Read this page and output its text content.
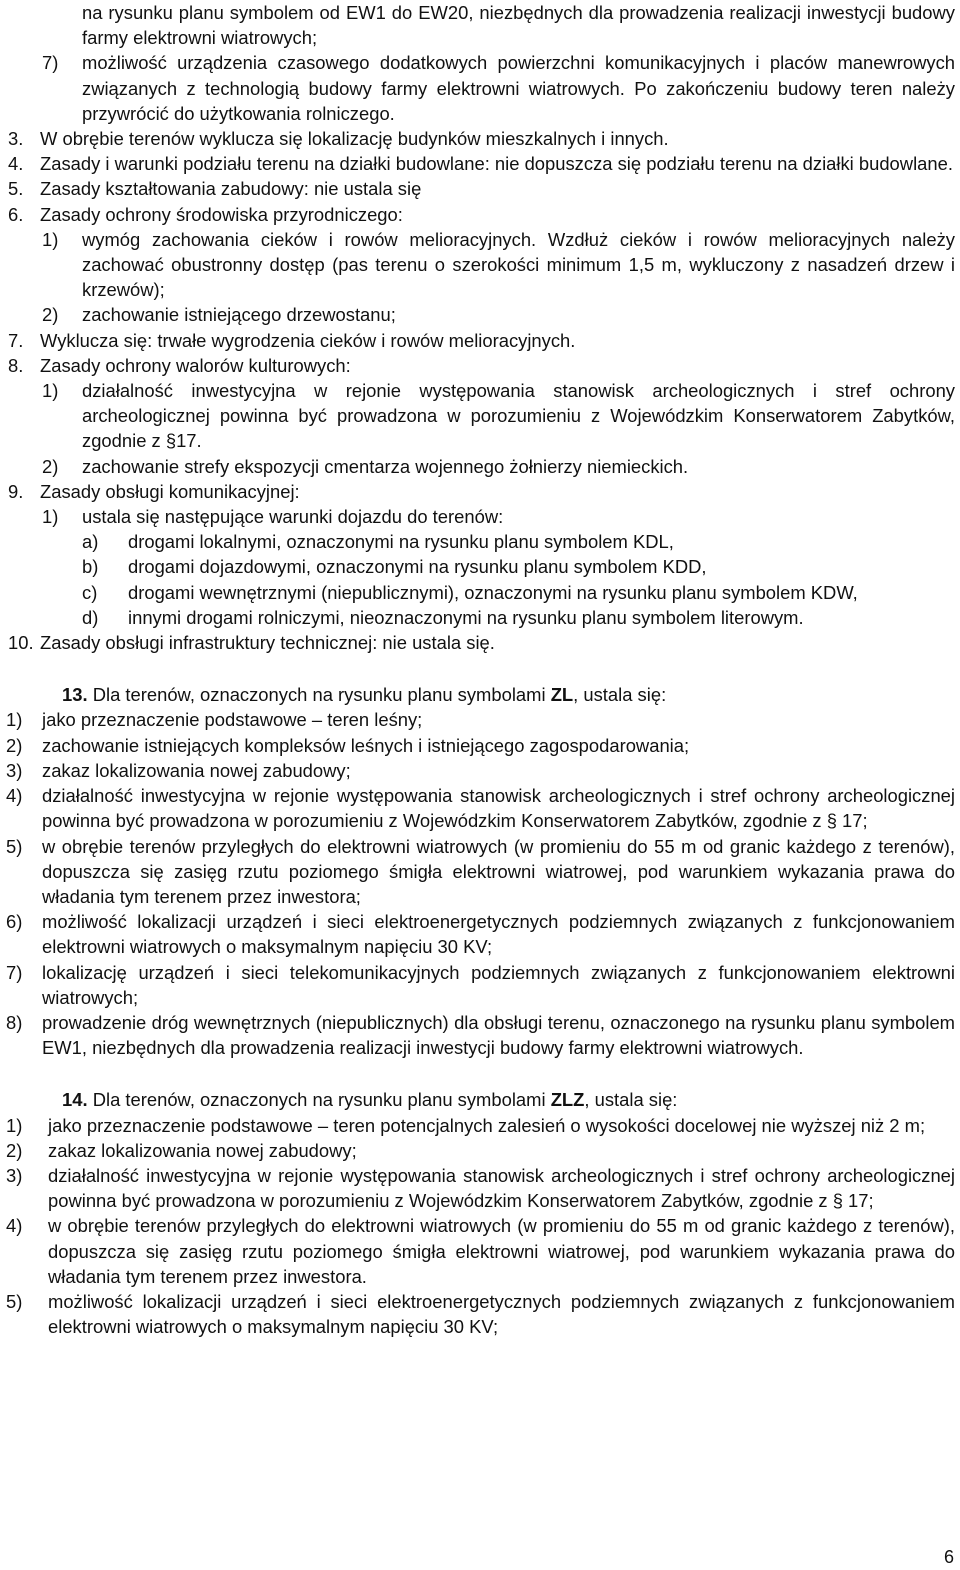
na rysunku planu symbolem od EW1 do EW20, niezbędnych dla prowadzenia realizacji inwestycji budowy farmy elektrowni wiatrowych;
7) możliwość urządzenia czasowego dodatkowych powierzchni komunikacyjnych i placów manewrowych związanych z technologią budowy farmy elektrowni wiatrowych. Po zakończeniu budowy teren należy przywrócić do użytkowania rolniczego.
3. W obrębie terenów wyklucza się lokalizację budynków mieszkalnych i innych.
4. Zasady i warunki podziału terenu na działki budowlane: nie dopuszcza się podziału terenu na działki budowlane.
5. Zasady kształtowania zabudowy: nie ustala się
6. Zasady ochrony środowiska przyrodniczego:
1) wymóg zachowania cieków i rowów melioracyjnych. Wzdłuż cieków i rowów melioracyjnych należy zachować obustronny dostęp (pas terenu o szerokości minimum 1,5 m, wykluczony z nasadzeń drzew i krzewów);
2) zachowanie istniejącego drzewostanu;
7. Wyklucza się: trwałe wygrodzenia cieków i rowów melioracyjnych.
8. Zasady ochrony walorów kulturowych:
1) działalność inwestycyjna w rejonie występowania stanowisk archeologicznych i stref ochrony archeologicznej powinna być prowadzona w porozumieniu z Wojewódzkim Konserwatorem Zabytków, zgodnie z §17.
2) zachowanie strefy ekspozycji cmentarza wojennego żołnierzy niemieckich.
9. Zasady obsługi komunikacyjnej:
1) ustala się następujące warunki dojazdu do terenów:
a) drogami lokalnymi, oznaczonymi na rysunku planu symbolem KDL,
b) drogami dojazdowymi, oznaczonymi na rysunku planu symbolem KDD,
c) drogami wewnętrznymi (niepublicznymi), oznaczonymi na rysunku planu symbolem KDW,
d) innymi drogami rolniczymi, nieoznaczonymi na rysunku planu symbolem literowym.
10. Zasady obsługi infrastruktury technicznej: nie ustala się.
13. Dla terenów, oznaczonych na rysunku planu symbolami ZL, ustala się:
1) jako przeznaczenie podstawowe – teren leśny;
2) zachowanie istniejących kompleksów leśnych i istniejącego zagospodarowania;
3) zakaz lokalizowania nowej zabudowy;
4) działalność inwestycyjna w rejonie występowania stanowisk archeologicznych i stref ochrony archeologicznej powinna być prowadzona w porozumieniu z Wojewódzkim Konserwatorem Zabytków, zgodnie z § 17;
5) w obrębie terenów przyległych do elektrowni wiatrowych (w promieniu do 55 m od granic każdego z terenów), dopuszcza się zasięg rzutu poziomego śmigła elektrowni wiatrowej, pod warunkiem wykazania prawa do władania tym terenem przez inwestora;
6) możliwość lokalizacji urządzeń i sieci elektroenergetycznych podziemnych związanych z funkcjonowaniem elektrowni wiatrowych o maksymalnym napięciu 30 KV;
7) lokalizację urządzeń i sieci telekomunikacyjnych podziemnych związanych z funkcjonowaniem elektrowni wiatrowych;
8) prowadzenie dróg wewnętrznych (niepublicznych) dla obsługi terenu, oznaczonego na rysunku planu symbolem EW1, niezbędnych dla prowadzenia realizacji inwestycji budowy farmy elektrowni wiatrowych.
14. Dla terenów, oznaczonych na rysunku planu symbolami ZLZ, ustala się:
1) jako przeznaczenie podstawowe – teren potencjalnych zalesień o wysokości docelowej nie wyższej niż 2 m;
2) zakaz lokalizowania nowej zabudowy;
3) działalność inwestycyjna w rejonie występowania stanowisk archeologicznych i stref ochrony archeologicznej powinna być prowadzona w porozumieniu z Wojewódzkim Konserwatorem Zabytków, zgodnie z § 17;
4) w obrębie terenów przyległych do elektrowni wiatrowych (w promieniu do 55 m od granic każdego z terenów), dopuszcza się zasięg rzutu poziomego śmigła elektrowni wiatrowej, pod warunkiem wykazania prawa do władania tym terenem przez inwestora.
5) możliwość lokalizacji urządzeń i sieci elektroenergetycznych podziemnych związanych z funkcjonowaniem elektrowni wiatrowych o maksymalnym napięciu 30 KV;
6
